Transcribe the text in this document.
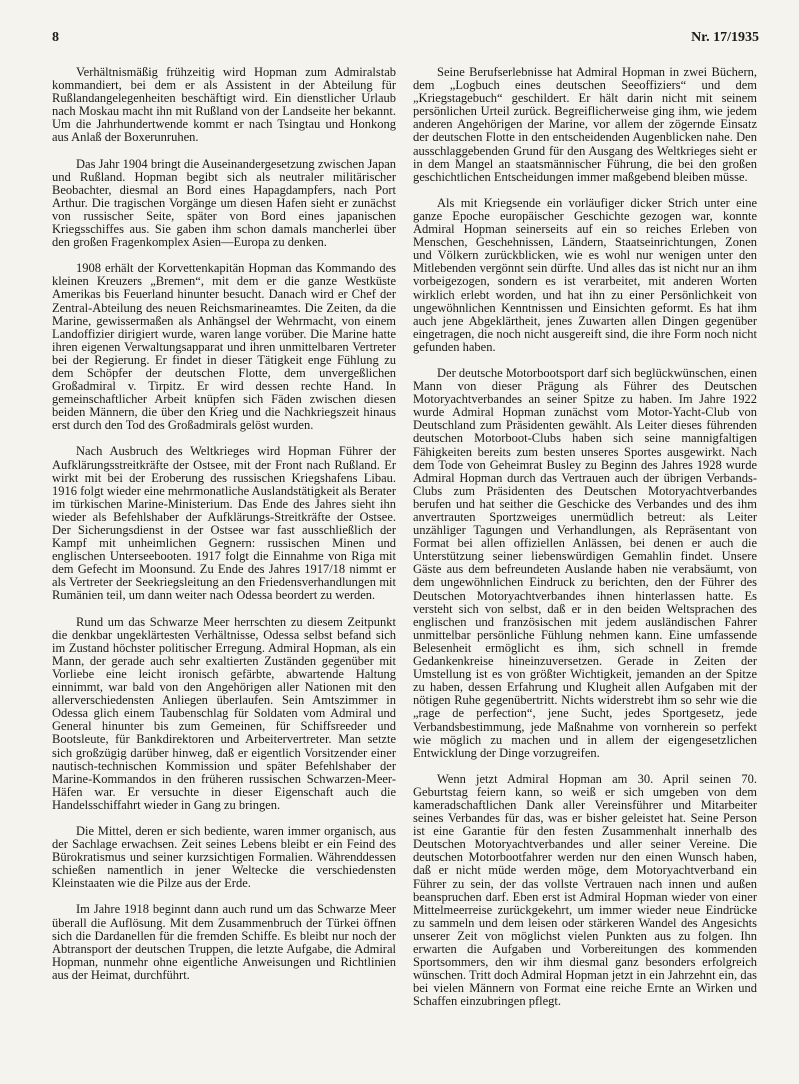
8	Nr. 17/1935

Verhältnismäßig frühzeitig wird Hopman zum Admiralstab kommandiert, bei dem er als Assistent in der Abteilung für Rußlandangelegenheiten beschäftigt wird. Ein dienstlicher Urlaub nach Moskau macht ihn mit Rußland von der Landseite her bekannt. Um die Jahrhundertwende kommt er nach Tsingtau und Honkong aus Anlaß der Boxerunruhen.

Das Jahr 1904 bringt die Auseinandergesetzung zwischen Japan und Rußland. Hopman begibt sich als neutraler militärischer Beobachter, diesmal an Bord eines Hapagdampfers, nach Port Arthur. Die tragischen Vorgänge um diesen Hafen sieht er zunächst von russischer Seite, später von Bord eines japanischen Kriegsschiffes aus. Sie gaben ihm schon damals mancherlei über den großen Fragenkomplex Asien—Europa zu denken.

1908 erhält der Korvettenkapitän Hopman das Kommando des kleinen Kreuzers „Bremen“, mit dem er die ganze Westküste Amerikas bis Feuerland hinunter besucht. Danach wird er Chef der Zentral-Abteilung des neuen Reichsmarineamtes. Die Zeiten, da die Marine, gewissermaßen als Anhängsel der Wehrmacht, von einem Landoffizier dirigiert wurde, waren lange vorüber. Die Marine hatte ihren eigenen Verwaltungsapparat und ihren unmittelbaren Vertreter bei der Regierung. Er findet in dieser Tätigkeit enge Fühlung zu dem Schöpfer der deutschen Flotte, dem unvergeßlichen Großadmiral v. Tirpitz. Er wird dessen rechte Hand. In gemeinschaftlicher Arbeit knüpfen sich Fäden zwischen diesen beiden Männern, die über den Krieg und die Nachkriegszeit hinaus erst durch den Tod des Großadmirals gelöst wurden.

Nach Ausbruch des Weltkrieges wird Hopman Führer der Aufklärungsstreitkräfte der Ostsee, mit der Front nach Rußland. Er wirkt mit bei der Eroberung des russischen Kriegshafens Libau. 1916 folgt wieder eine mehrmonatliche Auslandstätigkeit als Berater im türkischen Marine-Ministerium. Das Ende des Jahres sieht ihn wieder als Befehlshaber der Aufklärungs-Streitkräfte der Ostsee. Der Sicherungsdienst in der Ostsee war fast ausschließlich der Kampf mit unheimlichen Gegnern: russischen Minen und englischen Unterseebooten. 1917 folgt die Einnahme von Riga mit dem Gefecht im Moonsund. Zu Ende des Jahres 1917/18 nimmt er als Vertreter der Seekriegsleitung an den Friedensverhandlungen mit Rumänien teil, um dann weiter nach Odessa beordert zu werden.

Rund um das Schwarze Meer herrschten zu diesem Zeitpunkt die denkbar ungeklärtesten Verhältnisse, Odessa selbst befand sich im Zustand höchster politischer Erregung. Admiral Hopman, als ein Mann, der gerade auch sehr exaltierten Zuständen gegenüber mit Vorliebe eine leicht ironisch gefärbte, abwartende Haltung einnimmt, war bald von den Angehörigen aller Nationen mit den allerverschiedensten Anliegen überlaufen. Sein Amtszimmer in Odessa glich einem Taubenschlag für Soldaten vom Admiral und General hinunter bis zum Gemeinen, für Schiffsreeder und Bootsleute, für Bankdirektoren und Arbeitervertreter. Man setzte sich großzügig darüber hinweg, daß er eigentlich Vorsitzender einer nautisch-technischen Kommission und später Befehlshaber der Marine-Kommandos in den früheren russischen Schwarzen-Meer-Häfen war. Er versuchte in dieser Eigenschaft auch die Handelsschiffahrt wieder in Gang zu bringen.

Die Mittel, deren er sich bediente, waren immer organisch, aus der Sachlage erwachsen. Zeit seines Lebens bleibt er ein Feind des Bürokratismus und seiner kurzsichtigen Formalien. Währenddessen schießen namentlich in jener Weltecke die verschiedensten Kleinstaaten wie die Pilze aus der Erde.

Im Jahre 1918 beginnt dann auch rund um das Schwarze Meer überall die Auflösung. Mit dem Zusammenbruch der Türkei öffnen sich die Dardanellen für die fremden Schiffe. Es bleibt nur noch der Abtransport der deutschen Truppen, die letzte Aufgabe, die Admiral Hopman, nunmehr ohne eigentliche Anweisungen und Richtlinien aus der Heimat, durchführt.

Seine Berufserlebnisse hat Admiral Hopman in zwei Büchern, dem „Logbuch eines deutschen Seeoffiziers“ und dem „Kriegstagebuch“ geschildert. Er hält darin nicht mit seinem persönlichen Urteil zurück. Begreiflicherweise ging ihm, wie jedem anderen Angehörigen der Marine, vor allem der zögernde Einsatz der deutschen Flotte in den entscheidenden Augenblicken nahe. Den ausschlaggebenden Grund für den Ausgang des Weltkrieges sieht er in dem Mangel an staatsmännischer Führung, die bei den großen geschichtlichen Entscheidungen immer maßgebend bleiben müsse.

Als mit Kriegsende ein vorläufiger dicker Strich unter eine ganze Epoche europäischer Geschichte gezogen war, konnte Admiral Hopman seinerseits auf ein so reiches Erleben von Menschen, Geschehnissen, Ländern, Staatseinrichtungen, Zonen und Völkern zurückblicken, wie es wohl nur wenigen unter den Mitlebenden vergönnt sein dürfte. Und alles das ist nicht nur an ihm vorbeigezogen, sondern es ist verarbeitet, mit anderen Worten wirklich erlebt worden, und hat ihn zu einer Persönlichkeit von ungewöhnlichen Kenntnissen und Einsichten geformt. Es hat ihm auch jene Abgeklärtheit, jenes Zuwarten allen Dingen gegenüber eingetragen, die noch nicht ausgereift sind, die ihre Form noch nicht gefunden haben.

Der deutsche Motorbootsport darf sich beglückwünschen, einen Mann von dieser Prägung als Führer des Deutschen Motoryachtverbandes an seiner Spitze zu haben. Im Jahre 1922 wurde Admiral Hopman zunächst vom Motor-Yacht-Club von Deutschland zum Präsidenten gewählt. Als Leiter dieses führenden deutschen Motorboot-Clubs haben sich seine mannigfaltigen Fähigkeiten bereits zum besten unseres Sportes ausgewirkt. Nach dem Tode von Geheimrat Busley zu Beginn des Jahres 1928 wurde Admiral Hopman durch das Vertrauen auch der übrigen Verbands-Clubs zum Präsidenten des Deutschen Motoryachtverbandes berufen und hat seither die Geschicke des Verbandes und des ihm anvertrauten Sportzweiges unermüdlich betreut: als Leiter unzähliger Tagungen und Verhandlungen, als Repräsentant von Format bei allen offiziellen Anlässen, bei denen er auch die Unterstützung seiner liebenswürdigen Gemahlin findet. Unsere Gäste aus dem befreundeten Auslande haben nie verabsäumt, von dem ungewöhnlichen Eindruck zu berichten, den der Führer des Deutschen Motoryachtverbandes ihnen hinterlassen hatte. Es versteht sich von selbst, daß er in den beiden Weltsprachen des englischen und französischen mit jedem ausländischen Fahrer unmittelbar persönliche Fühlung nehmen kann. Eine umfassende Belesenheit ermöglicht es ihm, sich schnell in fremde Gedankenkreise hineinzuversetzen. Gerade in Zeiten der Umstellung ist es von größter Wichtigkeit, jemanden an der Spitze zu haben, dessen Erfahrung und Klugheit allen Aufgaben mit der nötigen Ruhe gegenübertritt. Nichts widerstrebt ihm so sehr wie die „rage de perfection“, jene Sucht, jedes Sportgesetz, jede Verbandsbestimmung, jede Maßnahme von vornherein so perfekt wie möglich zu machen und in allem der eigengesetzlichen Entwicklung der Dinge vorzugreifen.

Wenn jetzt Admiral Hopman am 30. April seinen 70. Geburtstag feiern kann, so weiß er sich umgeben von dem kameradschaftlichen Dank aller Vereinsführer und Mitarbeiter seines Verbandes für das, was er bisher geleistet hat. Seine Person ist eine Garantie für den festen Zusammenhalt innerhalb des Deutschen Motoryachtverbandes und aller seiner Vereine. Die deutschen Motorbootfahrer werden nur den einen Wunsch haben, daß er nicht müde werden möge, dem Motoryachtverband ein Führer zu sein, der das vollste Vertrauen nach innen und außen beanspruchen darf. Eben erst ist Admiral Hopman wieder von einer Mittelmeerreise zurückgekehrt, um immer wieder neue Eindrücke zu sammeln und dem leisen oder stärkeren Wandel des Angesichts unserer Zeit von möglichst vielen Punkten aus zu folgen. Ihn erwarten die Aufgaben und Vorbereitungen des kommenden Sportsommers, den wir ihm diesmal ganz besonders erfolgreich wünschen. Tritt doch Admiral Hopman jetzt in ein Jahrzehnt ein, das bei vielen Männern von Format eine reiche Ernte an Wirken und Schaffen einzubringen pflegt.
